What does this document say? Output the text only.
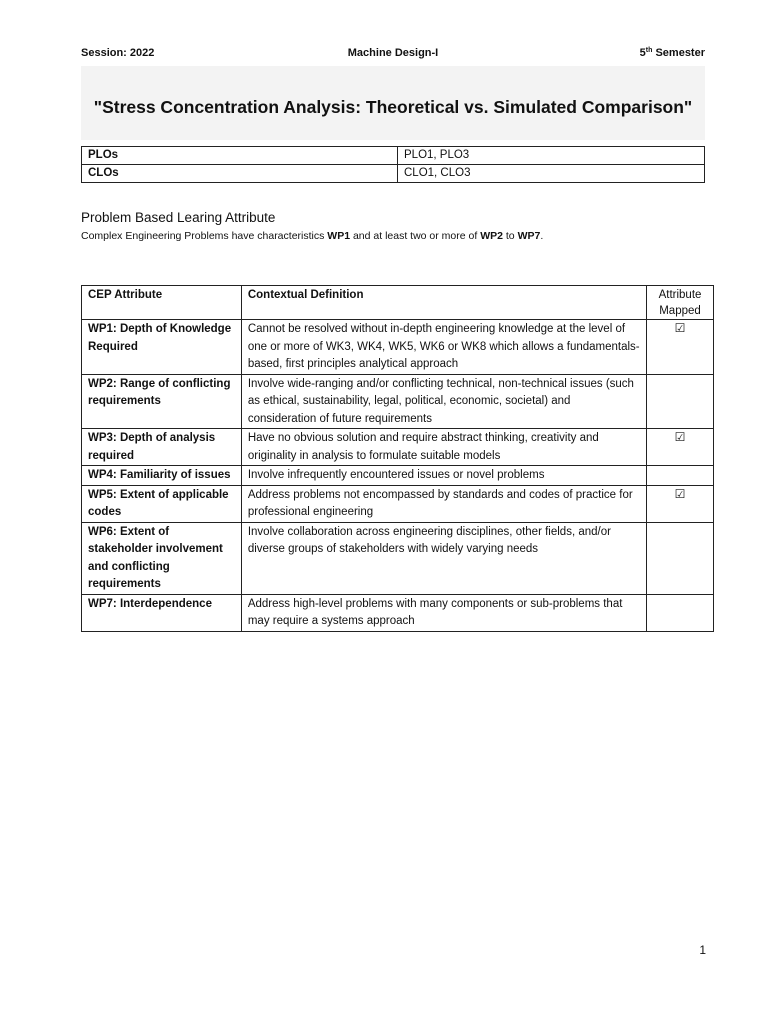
Session: 2022	Machine Design-I	5th Semester
"Stress Concentration Analysis: Theoretical vs. Simulated Comparison"
PLOs	PLO1, PLO3
CLOs	CLO1, CLO3
Problem Based Learing Attribute
Complex Engineering Problems have characteristics WP1 and at least two or more of WP2 to WP7.
CEP Attribute	Contextual Definition	Attribute Mapped
WP1: Depth of Knowledge Required	Cannot be resolved without in-depth engineering knowledge at the level of one or more of WK3, WK4, WK5, WK6 or WK8 which allows a fundamentals-based, first principles analytical approach	☑
WP2: Range of conflicting requirements	Involve wide-ranging and/or conflicting technical, non-technical issues (such as ethical, sustainability, legal, political, economic, societal) and consideration of future requirements	
WP3: Depth of analysis required	Have no obvious solution and require abstract thinking, creativity and originality in analysis to formulate suitable models	☑
WP4: Familiarity of issues	Involve infrequently encountered issues or novel problems	
WP5: Extent of applicable codes	Address problems not encompassed by standards and codes of practice for professional engineering	☑
WP6: Extent of stakeholder involvement and conflicting requirements	Involve collaboration across engineering disciplines, other fields, and/or diverse groups of stakeholders with widely varying needs	
WP7: Interdependence	Address high-level problems with many components or sub-problems that may require a systems approach	
1
